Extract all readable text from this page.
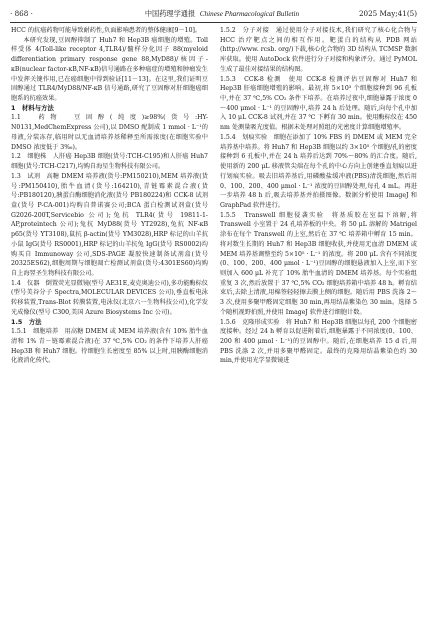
· 868 ·	中国药理学通报 Chinese Pharmacological Bulletin	2025 May;41(5)

HCC 的抗癌药物可能导致耐药性,负面影响患者的整体健康[9－10]。

本研究发现,豆固醇抑制了 Huh7 和 Hep3B 癌细胞的增殖。Toll 样受体 4(Toll-like receptor 4,TLR4)/髓样分化因子 88(myeloid differentiation primary response gene 88,MyD88)/核因子-κB(nuclear factor-κB,NF-κB)信号通路在多种癌症的增殖和肿瘤发生中发挥关键作用,已在癌细胞中得到验证[11－13]。在这里,我们证明豆固醇通过 TLR4/MyD88/NF-κB 信号通路,研究了豆固醇对肝细胞癌细胞系的抗癌效果。

1　材料与方法

1.1　药物　豆固醇(纯度)≥98%(货号:HY-N0131,MedChemExpress 公司),以 DMSO 配制成 1 mmol · L⁻¹的母液,分装冻存,临用时以无血清培养基稀释至所需浓度(在细胞实验中 DMSO 浓度低于 3‰)。

1.2　细胞株　人肝癌 Hep3B 细胞(货号:TCH-C195)和人肝癌 Huh7 细胞(货号:TCH-C217),均购自海星生物科技有限公司。

1.3　试剂　高糖 DMEM 培养液(货号:PM150210),MEM 培养液(货号:PM150410),胎牛血清(货号:164210),青链霉素混合液(货号:PB180120),胰蛋白酶细胞消化液(货号 PB180224)和 CCK-8 试剂盒(货号 P-CA-001)均购自普诺赛公司;BCA 蛋白检测试剂盒(货号 G2026-200T,Servicebio 公司);兔抗 TLR4(货号 19811-1-AP,proteintech 公司);兔抗 MyD88(货号 YT2928),兔抗 NF-κB p65(货号 YT3108),鼠抗 β-actin(货号 YM3028),HRP 标记的山羊抗小鼠 IgG(货号 RS0001),HRP 标记的山羊抗兔 IgG(货号 RS0002)均购买自 Immunoway 公司,SDS-PAGE 凝胶快速制备试剂盒(货号 20325ES62),细胞周期与细胞凋亡检测试剂盒(货号:4301ES60)均购自上海翌圣生物科技有限公司。

1.4　仪器　倒置荧光显微镜(型号 AE31E,麦克奥迪公司),多功能酶标仪(型号美谷分子 Spectra,MOLECULAR DEVICES 公司),垂直板电泳转移装置,Trans-Blot 转膜装置,电泳仪(北京六一生物科技公司),化学发光成像仪(型号 C300,美国 Azure Biosystems Inc 公司)。

1.5　方法

1.5.1　细胞培养　用高糖 DMEM 或 MEM 培养液(含有 10% 胎牛血清和 1% 青－链霉素混合液)在 37 ℃,5% CO₂ 的条件下培养人肝癌 Hep3B 和 Huh7 细胞。待细胞生长密度至 85% 以上时,用胰酶细胞消化液消化传代。

1.5.2　分子对接　通过使用分子对接技术,我们研究了核心化合物与 HCC 治疗靶点之间的相互作用。靶蛋白的结构从 PDB 网站(http://www. rcsb. org/)下载,核心化合物的 3D 结构从 TCMSP 数据库获取。使用 AutoDock 软件进行分子对接和构象评分。通过 PyMOL 生成了最佳对接结果的结构图。

1.5.3　CCK-8 检测　使用 CCK-8 检测评估豆固醇对 Huh7 和 Hep3B 肝癌细胞增殖的影响。最初,将 5×10³ 个细胞接种到 96 孔板中,并在 37 ℃,5% CO₂ 条件下培养。在培养过夜中,细胞暴露于浓度 0～400 μmol · L⁻¹ 的豆固醇中,培养 24 h 后处理。随后,向每个孔中加入 10 μL CCK-8 试剂,并在 37 ℃ 下孵育 30 min。使用酶标仪在 450 nm 处测量吸光度值。根据未处理对照组的光密度计算细胞增殖率。

1.5.4　划痕实验　细胞在添加了 10% FBS 的 DMEM 或 MEM 完全培养基中培养。将 Huh7 和 Hep3B 细胞以约 3×10⁵ 个细胞/孔的密度接种到 6 孔板中,并在 24 h 培养后达到 70%～80% 的汇合度。随后,使用新的 200 μL 移液管尖端在每个孔的中心方向上创建垂直划痕以进行划痕实验。吸去旧培养基后,用磷酸盐缓冲液(PBS)清洗细胞,然后用 0、100、200、400 μmol · L⁻¹ 浓度的豆固醇处理,每孔 4 mL。再进一步培养 48 h 后,吸去培养基并拍摄图像。数据分析使用 ImageJ 和 GraphPad 软件进行。

1.5.5　Transwell 细胞侵袭实验　将基质胶在室温下溶解,将 Transwell 小室置于 24 孔培养板的中央。将 50 μL 溶解的 Matrigel 涂布在每个 Transwell 的上室,然后在 37 ℃ 培养箱中孵育 15 min。将对数生长期的 Huh7 和 Hep3B 细胞收获,并使用无血清 DMEM 或 MEM 培养基调整至约 5×10⁵ · L⁻¹ 的浓度。将 200 μL 含有不同浓度(0、100、200、400 μmol · L⁻¹)豆固醇的细胞悬液加入上室,而下室则加入 600 μL 补充了 10% 胎牛血清的 DMEM 培养基。每个实验组重复 3 次,然后放置于 37 ℃,5% CO₂ 细胞培养箱中培养 48 h。孵育结束后,去除上清液,用棉签轻轻擦去膜上侧的细胞。随后用 PBS 洗涤 2～3 次,使用多聚甲醛固定细胞 30 min,再用结晶紫染色 30 min。选择 5 个随机视野拍照,并使用 ImageJ 软件进行细胞计数。

1.5.6　克隆形成实验　将 Huh7 和 Hep3B 细胞以每孔 200 个细胞密度接种。经过 24 h 孵育以促进附着后,细胞暴露于不同浓度(0、100、200 和 400 μmol · L⁻¹)的豆固醇中。随后,在细胞培养 15 d 后,用 PBS 洗涤 2 次,并用多聚甲醛固定。最终的克隆用结晶紫染色约 30 min,并使用光学显微镜进
